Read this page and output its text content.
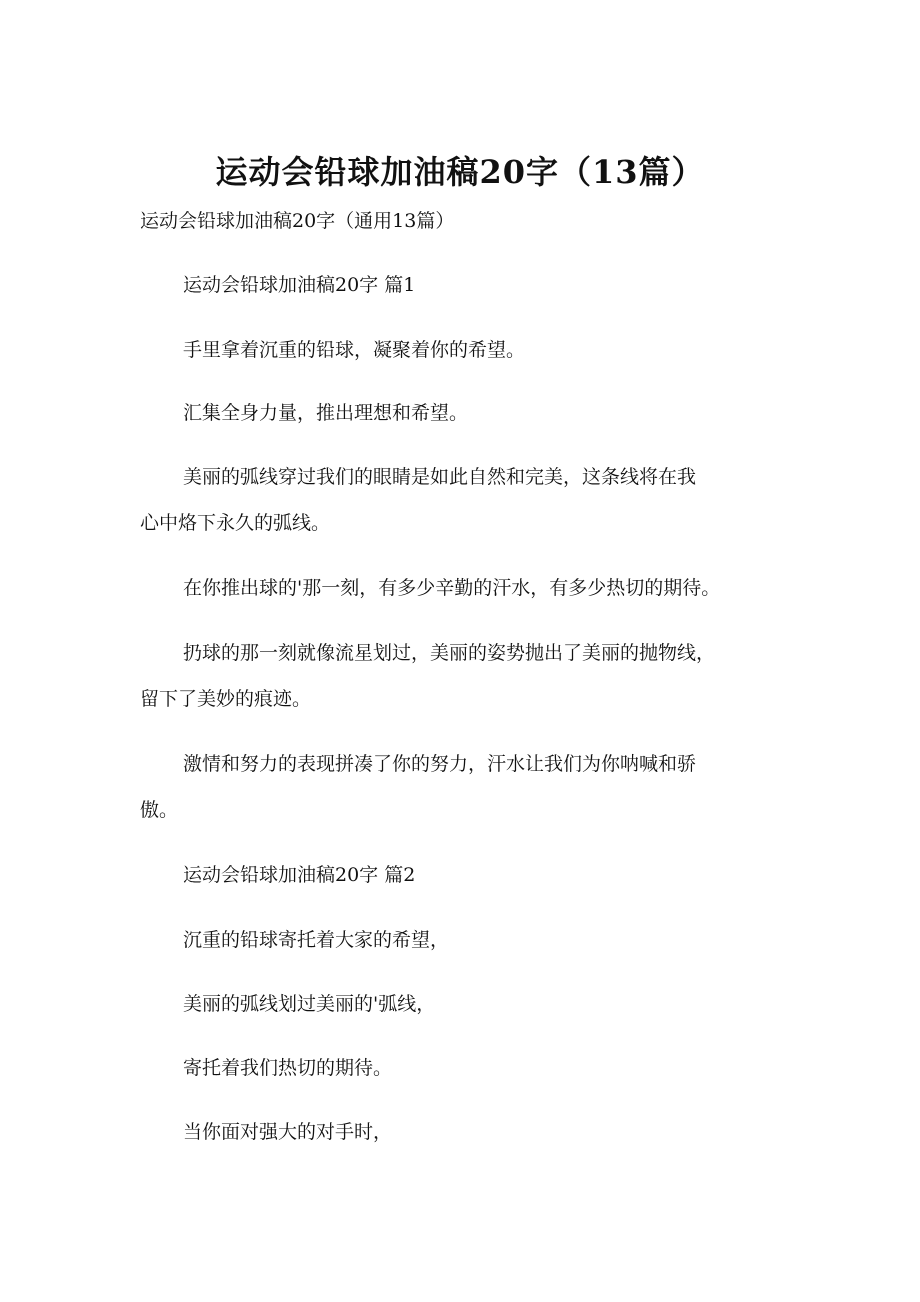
运动会铅球加油稿20字（13篇）
运动会铅球加油稿20字（通用13篇）
运动会铅球加油稿20字 篇1
手里拿着沉重的铅球，凝聚着你的希望。
汇集全身力量，推出理想和希望。
美丽的弧线穿过我们的眼睛是如此自然和完美，这条线将在我
心中烙下永久的弧线。
在你推出球的'那一刻，有多少辛勤的汗水，有多少热切的期待。
扔球的那一刻就像流星划过，美丽的姿势抛出了美丽的抛物线，
留下了美妙的痕迹。
激情和努力的表现拼凑了你的努力，汗水让我们为你呐喊和骄
傲。
运动会铅球加油稿20字 篇2
沉重的铅球寄托着大家的希望，
美丽的弧线划过美丽的'弧线，
寄托着我们热切的期待。
当你面对强大的对手时，
